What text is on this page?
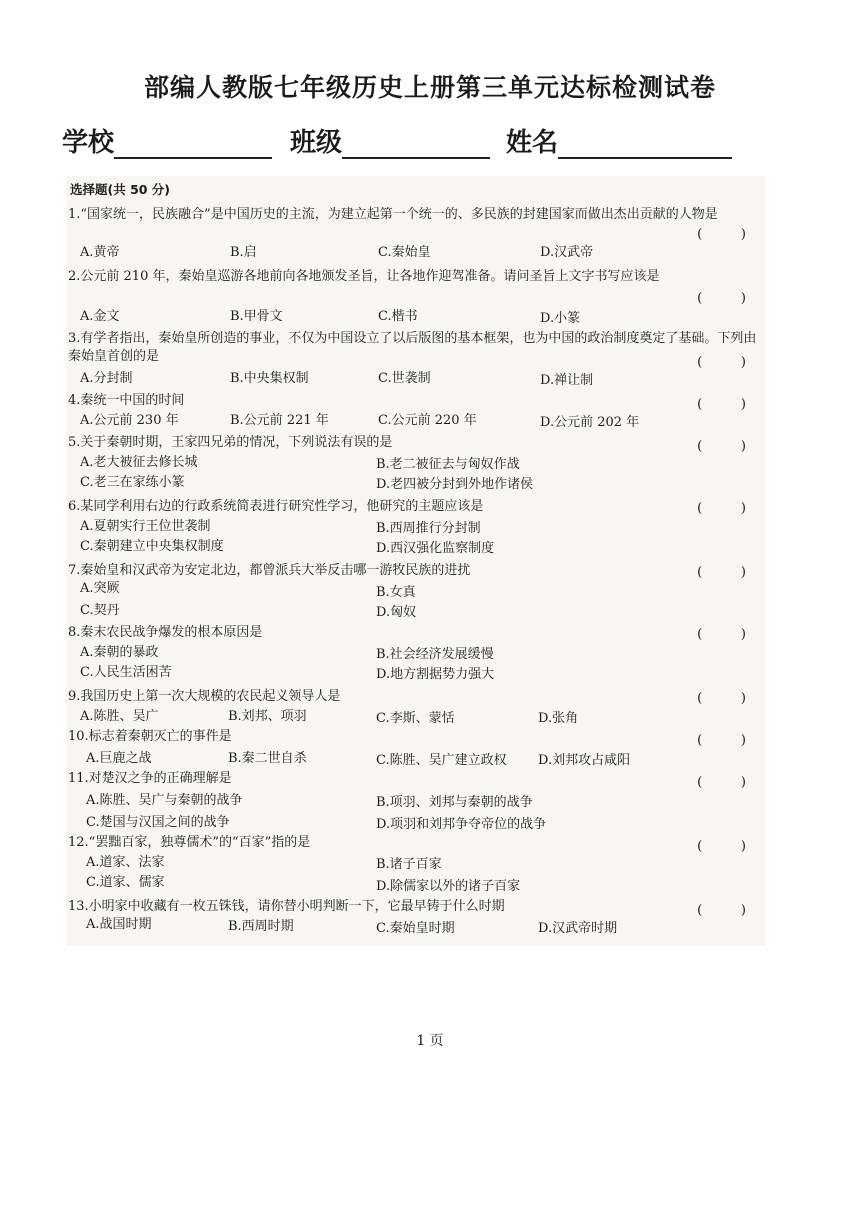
部编人教版七年级历史上册第三单元达标检测试卷
学校	班级	姓名
选择题(共 50 分)
1.“国家统一，民族融合”是中国历史的主流，为建立起第一个统一的、多民族的封建国家而做出杰出贡献的人物是
(      )
A.黄帝	B.启	C.秦始皇	D.汉武帝
2.公元前 210 年，秦始皇巡游各地前向各地颁发圣旨，让各地作迎驾准备。请问圣旨上文字书写应该是
(      )
A.金文	B.甲骨文	C.楷书	D.小篆
3.有学者指出，秦始皇所创造的事业，不仅为中国设立了以后版图的基本框架，也为中国的政治制度奠定了基础。下列由秦始皇首创的是	(      )
A.分封制	B.中央集权制	C.世袭制	D.禅让制
4.秦统一中国的时间	(      )
A.公元前 230 年	B.公元前 221 年	C.公元前 220 年	D.公元前 202 年
5.关于秦朝时期，王家四兄弟的情况，下列说法有误的是	(      )
A.老大被征去修长城	B.老二被征去与匈奴作战
C.老三在家练小篆	D.老四被分封到外地作诸侯
6.某同学利用右边的行政系统简表进行研究性学习，他研究的主题应该是	(      )
A.夏朝实行王位世袭制	B.西周推行分封制
C.秦朝建立中央集权制度	D.西汉强化监察制度
7.秦始皇和汉武帝为安定北边，都曾派兵大举反击哪一游牧民族的进扰	(      )
A.突厥	B.女真
C.契丹	D.匈奴
8.秦末农民战争爆发的根本原因是	(      )
A.秦朝的暴政	B.社会经济发展缓慢
C.人民生活困苦	D.地方割据势力强大
9.我国历史上第一次大规模的农民起义领导人是	(      )
A.陈胜、吴广	B.刘邦、项羽	C.李斯、蒙恬	D.张角
10.标志着秦朝灭亡的事件是	(      )
A.巨鹿之战	B.秦二世自杀	C.陈胜、吴广建立政权 D.刘邦攻占咸阳
11.对楚汉之争的正确理解是	(      )
A.陈胜、吴广与秦朝的战争	B.项羽、刘邦与秦朝的战争
C.楚国与汉国之间的战争	D.项羽和刘邦争夺帝位的战争
12.“罢黜百家，独尊儒术”的“百家”指的是	(      )
A.道家、法家	B.诸子百家
C.道家、儒家	D.除儒家以外的诸子百家
13.小明家中收藏有一枚五铢钱，请你替小明判断一下，它最早铸于什么时期	(      )
A.战国时期	B.西周时期	C.秦始皇时期	D.汉武帝时期
1 页
